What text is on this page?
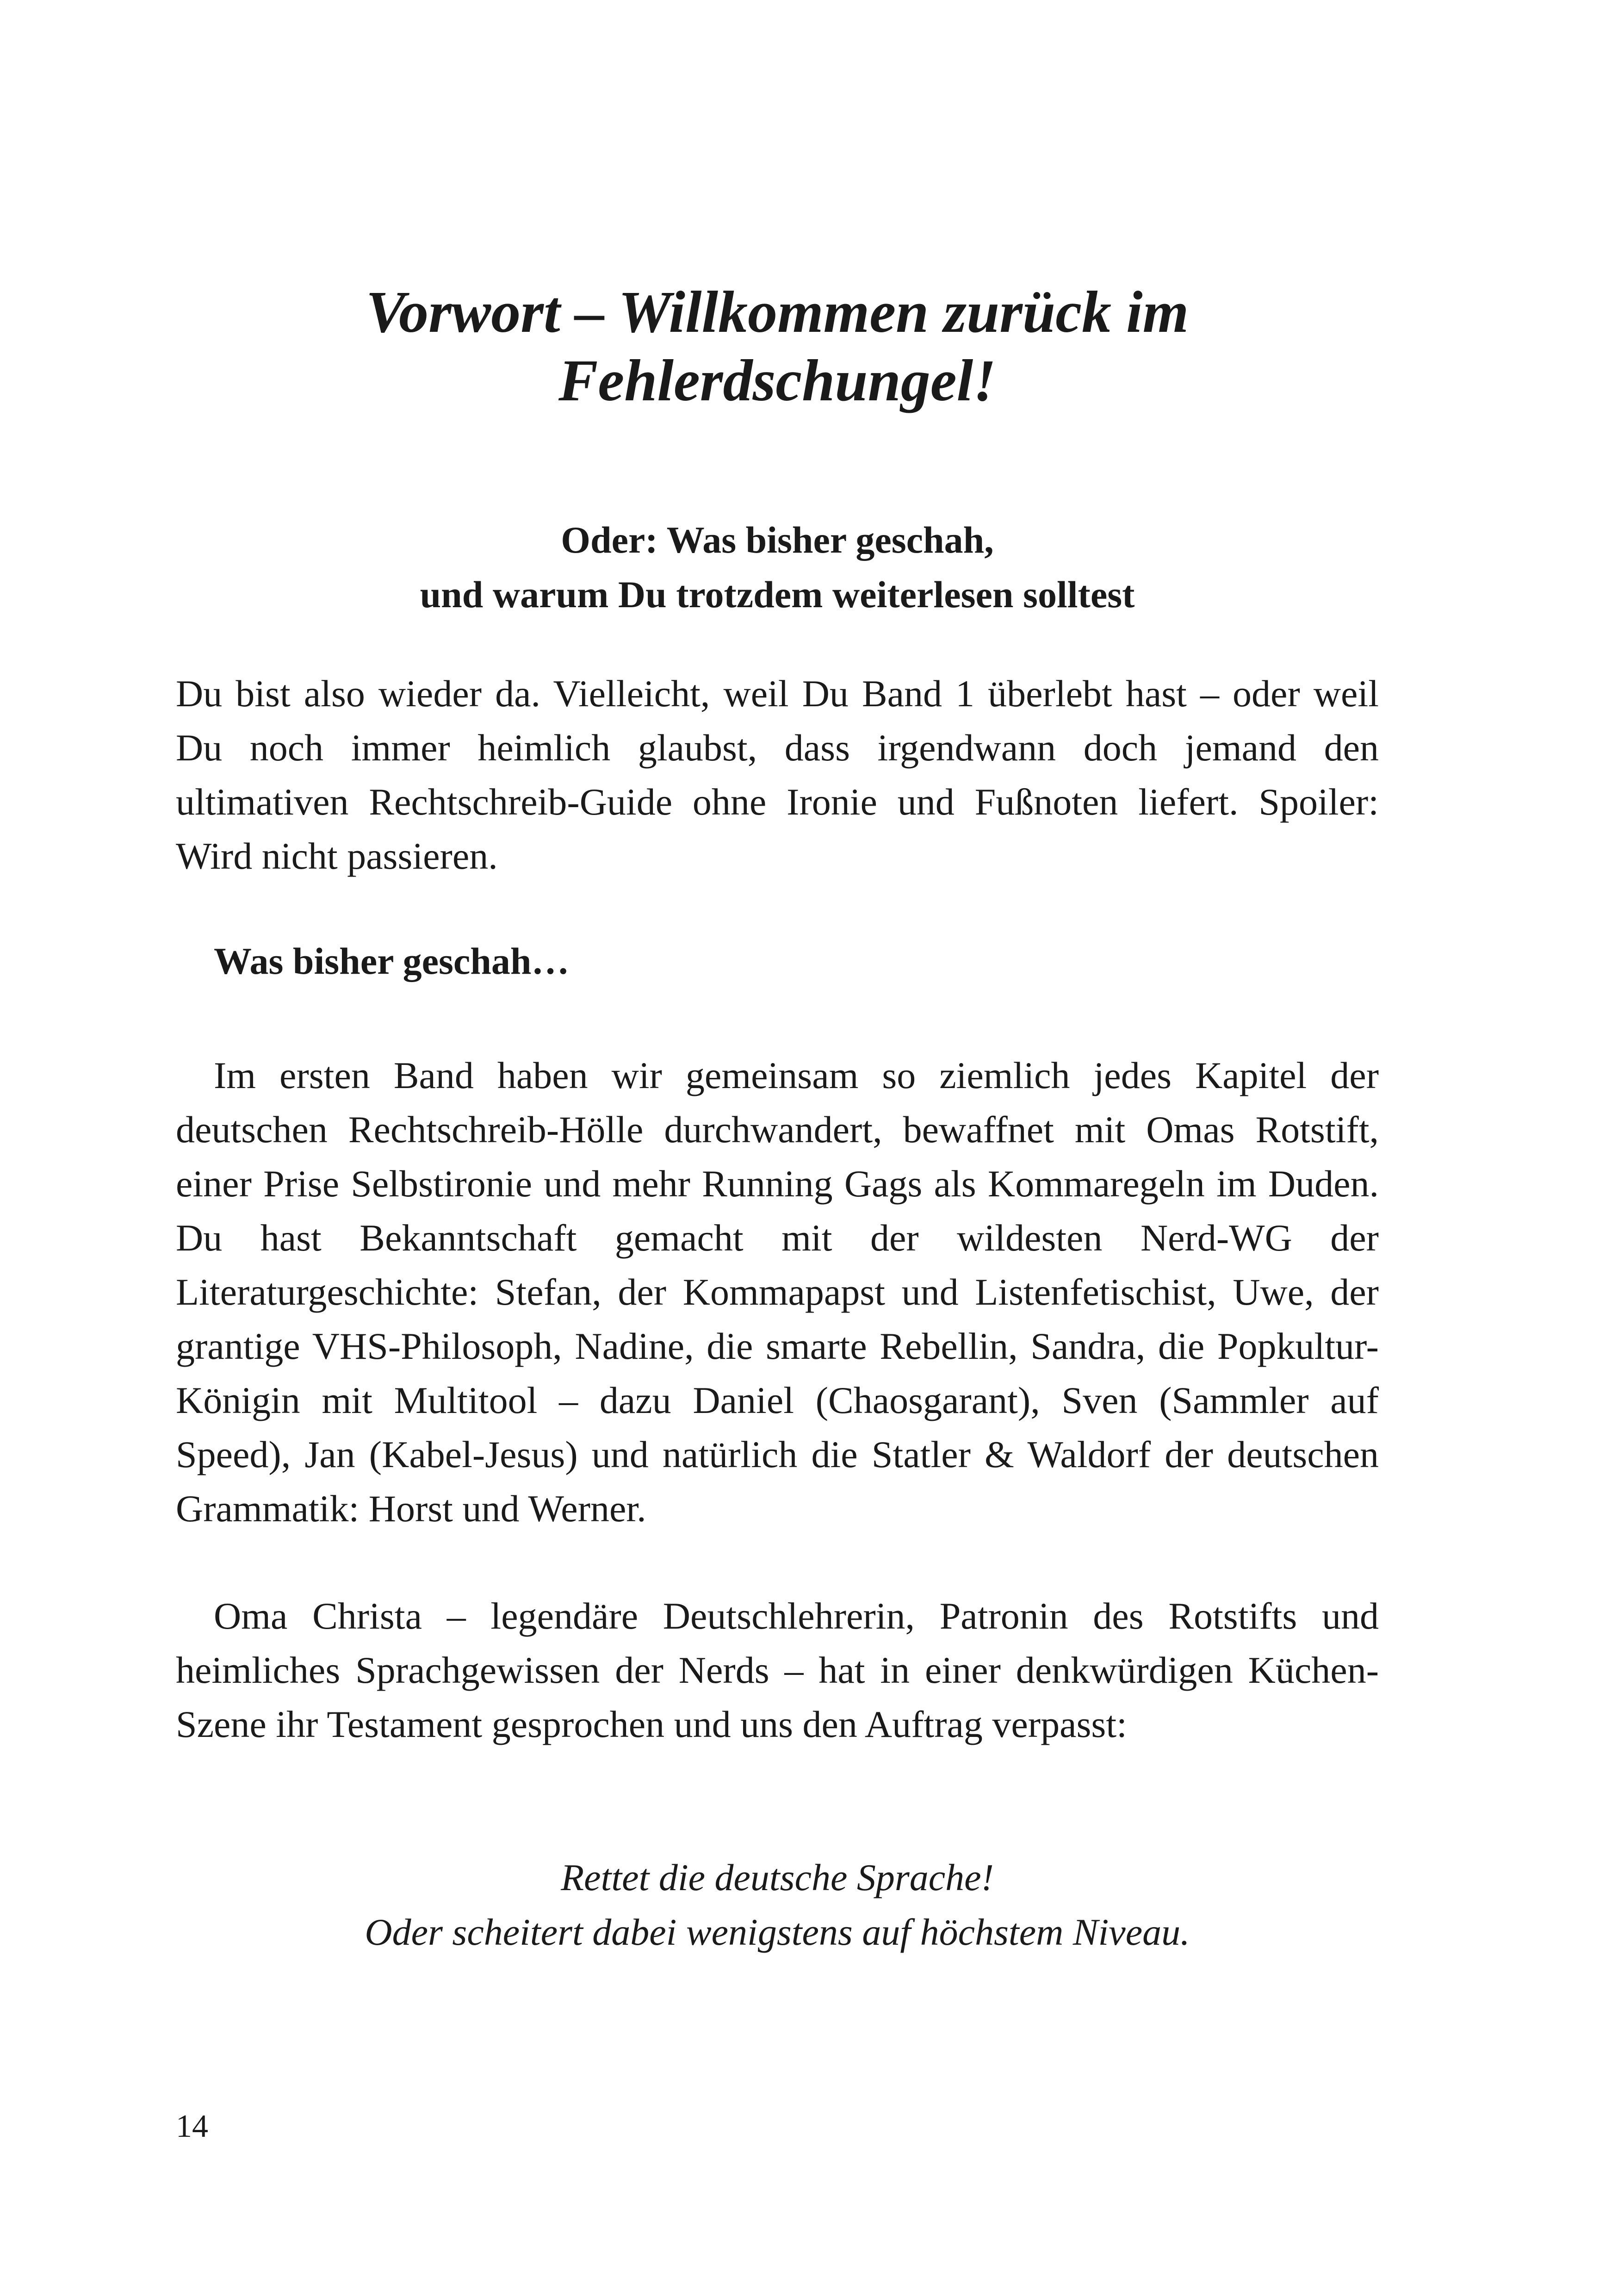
Vorwort – Willkommen zurück im
Fehlerdschungel!
Oder: Was bisher geschah,
und warum Du trotzdem weiterlesen solltest

Du bist also wieder da. Vielleicht, weil Du Band 1 überlebt hast – oder weil Du noch immer heimlich glaubst, dass irgendwann doch jemand den ultimativen Rechtschreib-Guide ohne Ironie und Fußnoten liefert. Spoiler: Wird nicht passieren.

Was bisher geschah…

Im ersten Band haben wir gemeinsam so ziemlich jedes Kapitel der deutschen Rechtschreib-Hölle durchwandert, bewaffnet mit Omas Rotstift, einer Prise Selbstironie und mehr Running Gags als Kommaregeln im Duden. Du hast Bekanntschaft gemacht mit der wildesten Nerd-WG der Literaturgeschichte: Stefan, der Kommapapst und Listenfetischist, Uwe, der grantige VHS-Philosoph, Nadine, die smarte Rebellin, Sandra, die Popkultur-Königin mit Multitool – dazu Daniel (Chaosgarant), Sven (Sammler auf Speed), Jan (Kabel-Jesus) und natürlich die Statler & Waldorf der deutschen Grammatik: Horst und Werner.

Oma Christa – legendäre Deutschlehrerin, Patronin des Rotstifts und heimliches Sprachgewissen der Nerds – hat in einer denkwürdigen Küchen-Szene ihr Testament gesprochen und uns den Auftrag verpasst:

Rettet die deutsche Sprache!
Oder scheitert dabei wenigstens auf höchstem Niveau.
14
